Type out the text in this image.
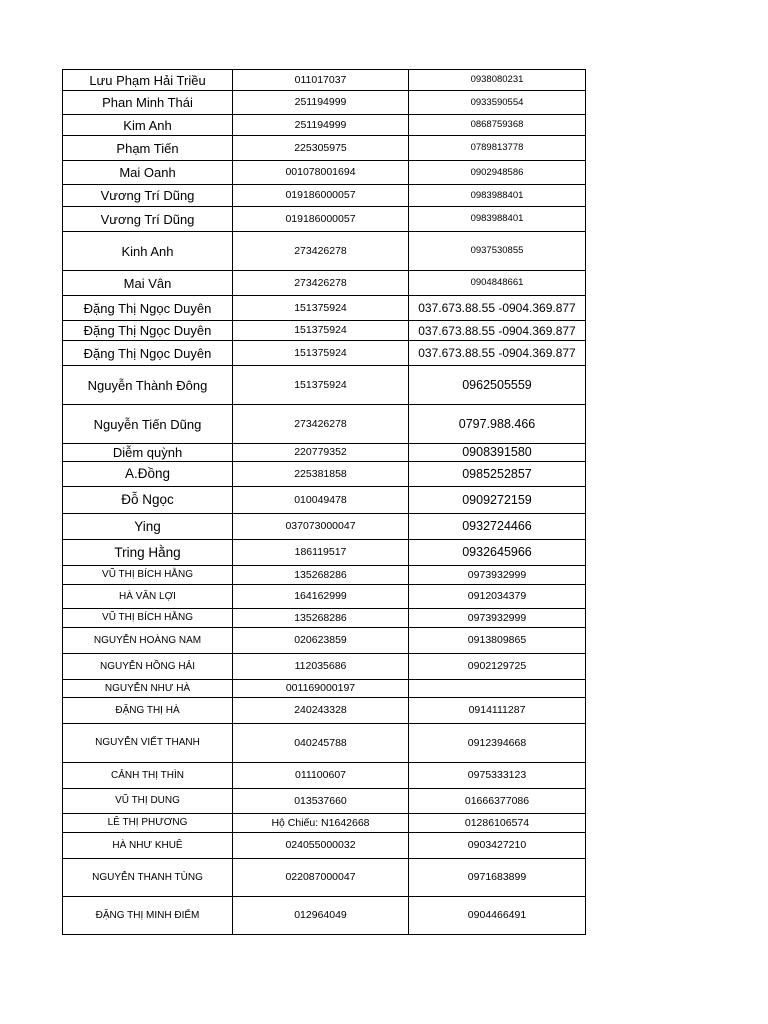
Lưu Phạm Hải Triều	011017037	0938080231
Phan Minh Thái	251194999	0933590554
Kim Anh	251194999	0868759368
Phạm Tiến	225305975	0789813778
Mai Oanh	001078001694	0902948586
Vương Trí Dũng	019186000057	0983988401
Vương Trí Dũng	019186000057	0983988401
Kinh Anh	273426278	0937530855
Mai Vân	273426278	0904848661
Đặng Thị Ngọc Duyên	151375924	037.673.88.55 -0904.369.877
Đặng Thị Ngọc Duyên	151375924	037.673.88.55 -0904.369.877
Đặng Thị Ngọc Duyên	151375924	037.673.88.55 -0904.369.877
Nguyễn Thành Đông	151375924	0962505559
Nguyễn Tiến Dũng	273426278	0797.988.466
Diễm quỳnh	220779352	0908391580
A.Đồng	225381858	0985252857
Đỗ Ngọc	010049478	0909272159
Ying	037073000047	0932724466
Tring Hằng	186119517	0932645966
VŨ THỊ BÍCH HẰNG	135268286	0973932999
HÀ VĂN LỢI	164162999	0912034379
VŨ THỊ BÍCH HẰNG	135268286	0973932999
NGUYỄN HOÀNG NAM	020623859	0913809865
NGUYỄN HỒNG HẢI	112035686	0902129725
NGUYỄN NHƯ HÀ	001169000197	
ĐẶNG THỊ HÀ	240243328	0914111287
NGUYỄN VIẾT THANH	040245788	0912394668
CẢNH THỊ THÌN	011100607	0975333123
VŨ THỊ DUNG	013537660	01666377086
LÊ THỊ PHƯƠNG	Hộ Chiếu: N1642668	01286106574
HÀ NHƯ KHUÊ	024055000032	0903427210
NGUYỄN THANH TÙNG	022087000047	0971683899
ĐẶNG THỊ MINH ĐIỂM	012964049	0904466491
